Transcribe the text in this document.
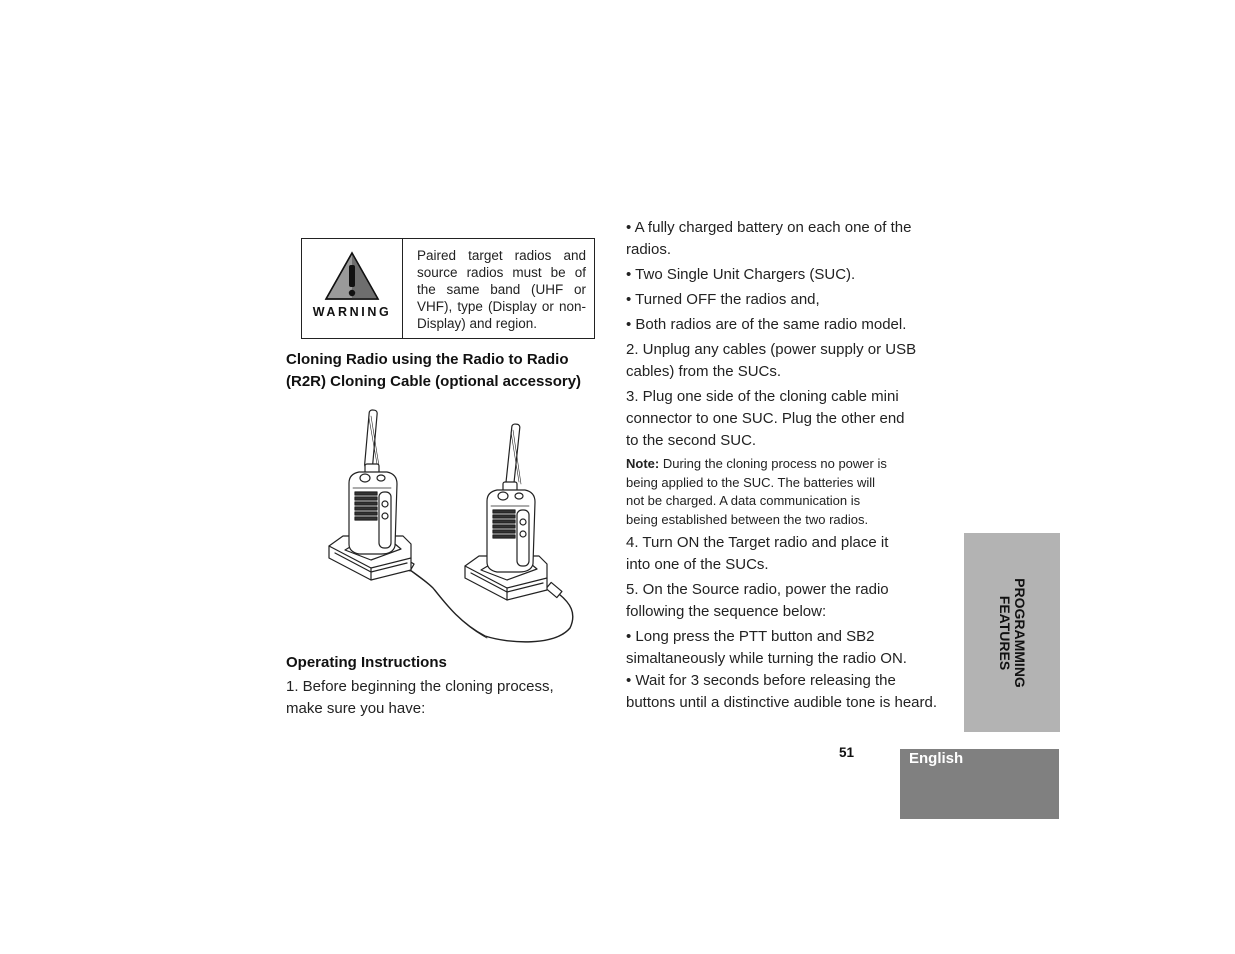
WARNING
Paired target radios and source radios must be of the same band (UHF or VHF), type (Display or non-Display) and region.
Cloning Radio using the Radio to Radio
(R2R) Cloning Cable (optional accessory)
Operating Instructions
1. Before beginning the cloning process, make sure you have:

• A fully charged battery on each one of the radios.

• Two Single Unit Chargers (SUC).

• Turned OFF the radios and,

• Both radios are of the same radio model.

2. Unplug any cables (power supply or USB cables) from the SUCs.

3. Plug one side of the cloning cable mini
connector to one SUC. Plug the other end
to the second SUC.

Note: During the cloning process no power is
being applied to the SUC. The batteries will
not be charged. A data communication is
being established between the two radios.

4. Turn ON the Target radio and place it
into one of the SUCs.

5. On the Source radio, power the radio following the sequence below:

• Long press the PTT button and SB2
simaltaneously while turning the radio ON.

• Wait for 3 seconds before releasing the
buttons until a distinctive audible tone is heard.

PROGRAMMING
FEATURES
51	English
